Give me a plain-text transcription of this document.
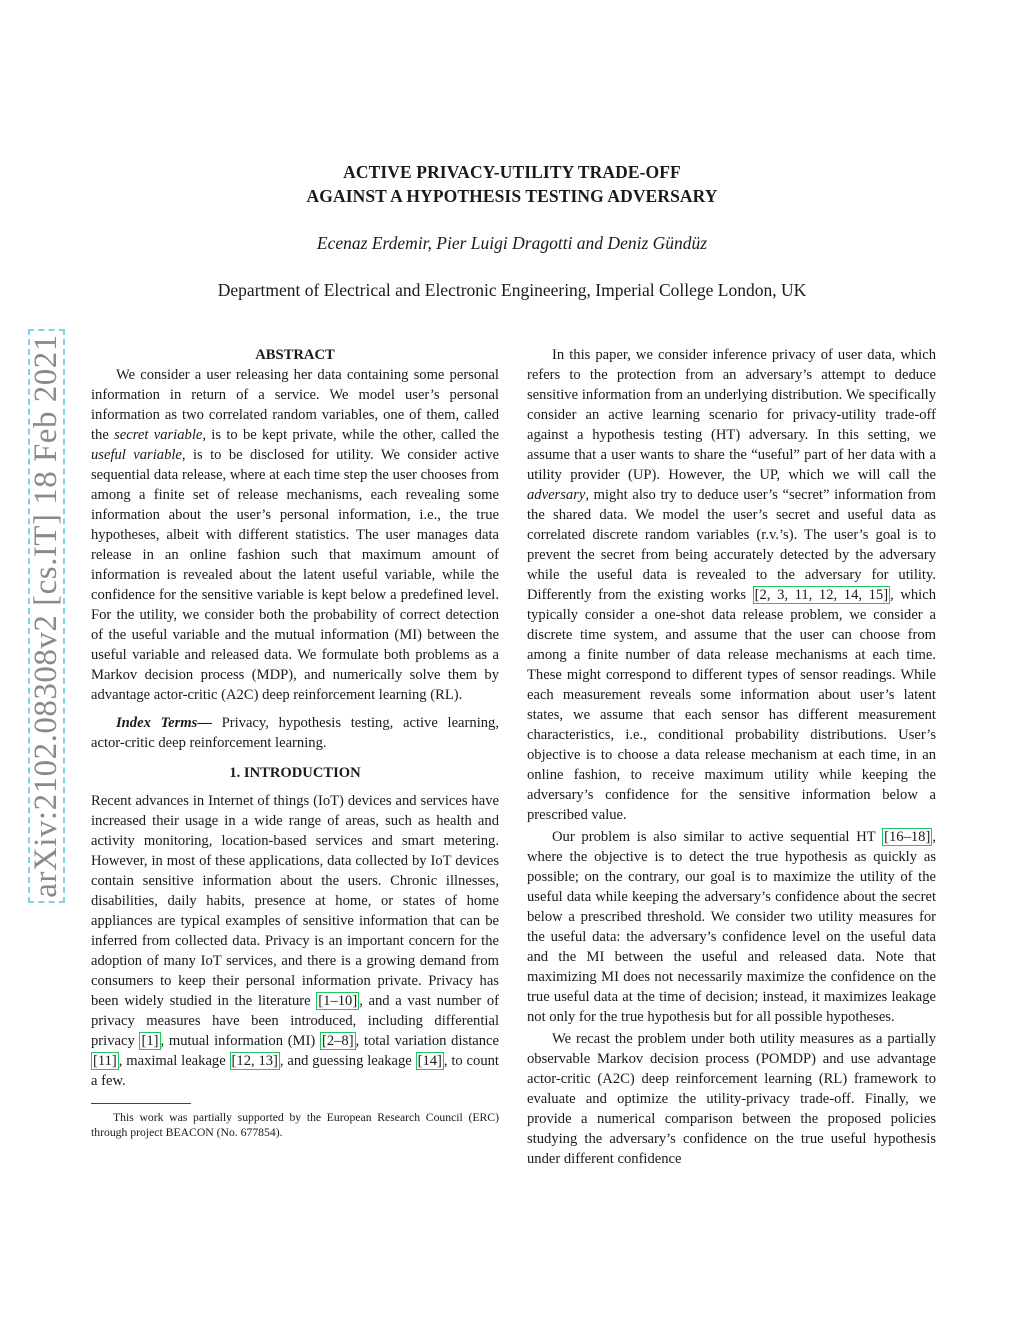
ACTIVE PRIVACY-UTILITY TRADE-OFF
AGAINST A HYPOTHESIS TESTING ADVERSARY
Ecenaz Erdemir, Pier Luigi Dragotti and Deniz Gündüz
Department of Electrical and Electronic Engineering, Imperial College London, UK
arXiv:2102.08308v2 [cs.IT] 18 Feb 2021	ABSTRACT

We consider a user releasing her data containing some personal information in return of a service. We model user’s personal information as two correlated random variables, one of them, called the secret variable, is to be kept private, while the other, called the useful variable, is to be disclosed for utility. We consider active sequential data release, where at each time step the user chooses from among a finite set of release mechanisms, each revealing some information about the user’s personal information, i.e., the true hypotheses, albeit with different statistics. The user manages data release in an online fashion such that maximum amount of information is revealed about the latent useful variable, while the confidence for the sensitive variable is kept below a predefined level. For the utility, we consider both the probability of correct detection of the useful variable and the mutual information (MI) between the useful variable and released data. We formulate both problems as a Markov decision process (MDP), and numerically solve them by advantage actor-critic (A2C) deep reinforcement learning (RL).

Index Terms— Privacy, hypothesis testing, active learning, actor-critic deep reinforcement learning.

1. INTRODUCTION

Recent advances in Internet of things (IoT) devices and services have increased their usage in a wide range of areas, such as health and activity monitoring, location-based services and smart metering. However, in most of these applications, data collected by IoT devices contain sensitive information about the users. Chronic illnesses, disabilities, daily habits, presence at home, or states of home appliances are typical examples of sensitive information that can be inferred from collected data. Privacy is an important concern for the adoption of many IoT services, and there is a growing demand from consumers to keep their personal information private. Privacy has been widely studied in the literature [1–10] , and a vast number of privacy measures have been introduced, including differential privacy [1] , mutual information (MI) [2–8] , total variation distance [11] , maximal leakage [12, 13] , and guessing leakage [14] , to count a few.

This work was partially supported by the European Research Council (ERC) through project BEACON (No. 677854).

In this paper, we consider inference privacy of user data, which refers to the protection from an adversary’s attempt to deduce sensitive information from an underlying distribution. We specifically consider an active learning scenario for privacy-utility trade-off against a hypothesis testing (HT) adversary. In this setting, we assume that a user wants to share the “useful” part of her data with a utility provider (UP). However, the UP, which we will call the adversary, might also try to deduce user’s “secret” information from the shared data. We model the user’s secret and useful data as correlated discrete random variables (r.v.’s). The user’s goal is to prevent the secret from being accurately detected by the adversary while the useful data is revealed to the adversary for utility. Differently from the existing works [2, 3, 11, 12, 14, 15] , which typically consider a one-shot data release problem, we consider a discrete time system, and assume that the user can choose from among a finite number of data release mechanisms at each time. These might correspond to different types of sensor readings. While each measurement reveals some information about user’s latent states, we assume that each sensor has different measurement characteristics, i.e., conditional probability distributions. User’s objective is to choose a data release mechanism at each time, in an online fashion, to receive maximum utility while keeping the adversary’s confidence for the sensitive information below a prescribed value.

Our problem is also similar to active sequential HT [16–18] , where the objective is to detect the true hypothesis as quickly as possible; on the contrary, our goal is to maximize the utility of the useful data while keeping the adversary’s confidence about the secret below a prescribed threshold. We consider two utility measures for the useful data: the adversary’s confidence level on the useful data and the MI between the useful and released data. Note that maximizing MI does not necessarily maximize the confidence on the true useful data at the time of decision; instead, it maximizes leakage not only for the true hypothesis but for all possible hypotheses.

We recast the problem under both utility measures as a partially observable Markov decision process (POMDP) and use advantage actor-critic (A2C) deep reinforcement learning (RL) framework to evaluate and optimize the utility-privacy trade-off. Finally, we provide a numerical comparison between the proposed policies studying the adversary’s confidence on the true useful hypothesis under different confidence
